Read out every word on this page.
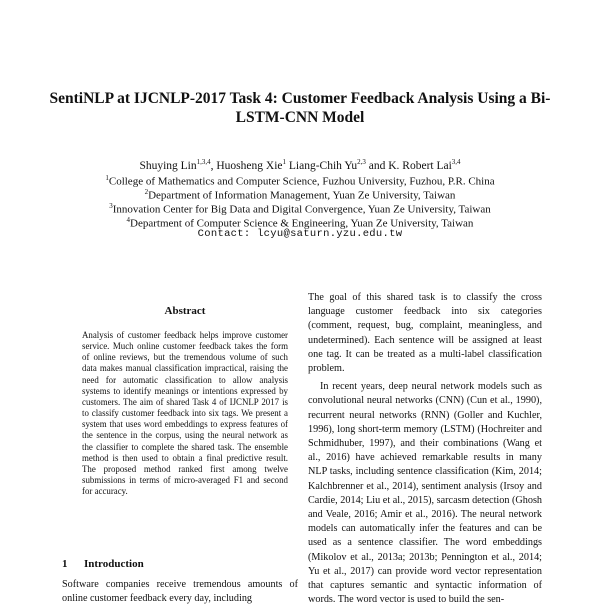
SentiNLP at IJCNLP-2017 Task 4: Customer Feedback Analysis Using a Bi-LSTM-CNN Model
Shuying Lin$^{1,3,4}$, Huosheng Xie$^1$ Liang-Chih Yu$^{2,3}$ and K. Robert Lai$^{3,4}$
$^1$College of Mathematics and Computer Science, Fuzhou University, Fuzhou, P.R. China
$^2$Department of Information Management, Yuan Ze University, Taiwan
$^3$Innovation Center for Big Data and Digital Convergence, Yuan Ze University, Taiwan
$^4$Department of Computer Science & Engineering, Yuan Ze University, Taiwan
Contact: lcyu@saturn.yzu.edu.tw
Abstract
Analysis of customer feedback helps improve customer service. Much online customer feedback takes the form of online reviews, but the tremendous volume of such data makes manual classification impractical, raising the need for automatic classification to allow analysis systems to identify meanings or intentions expressed by customers. The aim of shared Task 4 of IJCNLP 2017 is to classify customer feedback into six tags. We present a system that uses word embeddings to express features of the sentence in the corpus, using the neural network as the classifier to complete the shared task. The ensemble method is then used to obtain a final predictive result. The proposed method ranked first among twelve submissions in terms of micro-averaged F1 and second for accuracy.
1 Introduction
Software companies receive tremendous amounts of online customer feedback every day, including

The goal of this shared task is to classify the cross language customer feedback into six categories (comment, request, bug, complaint, meaningless, and undetermined). Each sentence will be assigned at least one tag. It can be treated as a multi-label classification problem.

In recent years, deep neural network models such as convolutional neural networks (CNN) (Cun et al., 1990), recurrent neural networks (RNN) (Goller and Kuchler, 1996), long short-term memory (LSTM) (Hochreiter and Schmidhuber, 1997), and their combinations (Wang et al., 2016) have achieved remarkable results in many NLP tasks, including sentence classification (Kim, 2014; Kalchbrenner et al., 2014), sentiment analysis (Irsoy and Cardie, 2014; Liu et al., 2015), sarcasm detection (Ghosh and Veale, 2016; Amir et al., 2016). The neural network models can automatically infer the features and can be used as a sentence classifier. The word embeddings (Mikolov et al., 2013a; 2013b; Pennington et al., 2014; Yu et al., 2017) can provide word vector representation that captures semantic and syntactic information of words. The word vector is used to build the sen-
